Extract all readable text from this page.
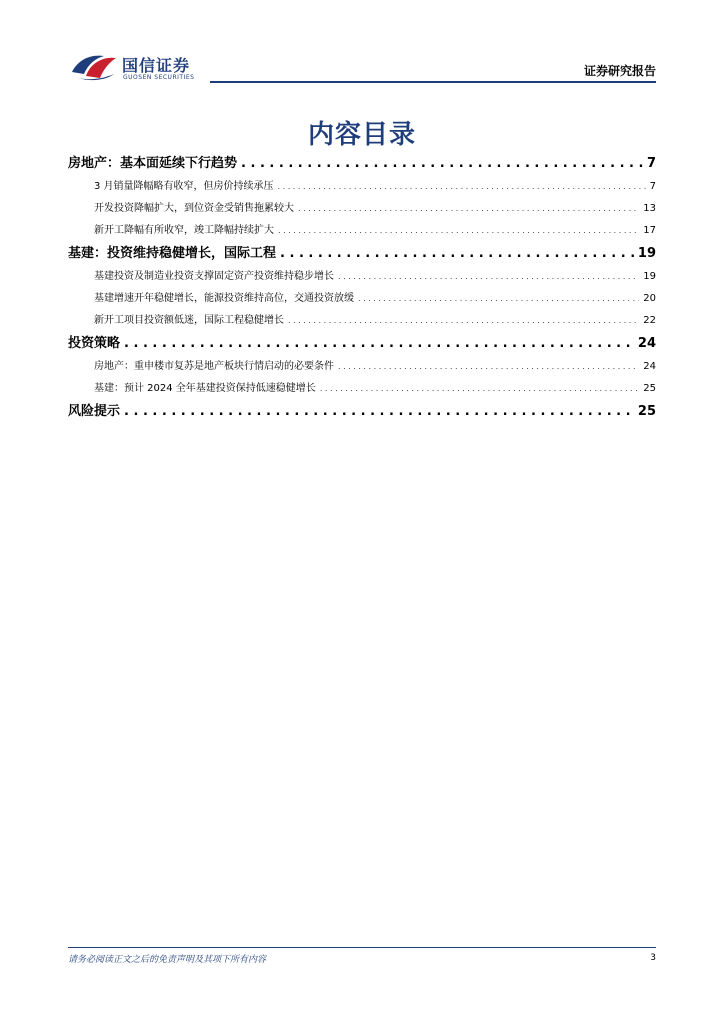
国信证券
GUOSEN SECURITIES	证券研究报告
内容目录
房地产：基本面延续下行趋势 . . .	7
3 月销量降幅略有收窄，但房价持续承压 . . .	7
开发投资降幅扩大，到位资金受销售拖累较大 . . .	13
新开工降幅有所收窄，竣工降幅持续扩大 . . .	17
基建：投资维持稳健增长，国际工程 . . .	19
基建投资及制造业投资支撑固定资产投资维持稳步增长 . . .	19
基建增速开年稳健增长，能源投资维持高位，交通投资放缓 . . .	20
新开工项目投资额低迷，国际工程稳健增长 . . .	22
投资策略 . . .	24
房地产：重申楼市复苏是地产板块行情启动的必要条件 . . .	24
基建：预计 2024 全年基建投资保持低速稳健增长 . . .	25
风险提示 . . .	25
请务必阅读正文之后的免责声明及其项下所有内容	3
